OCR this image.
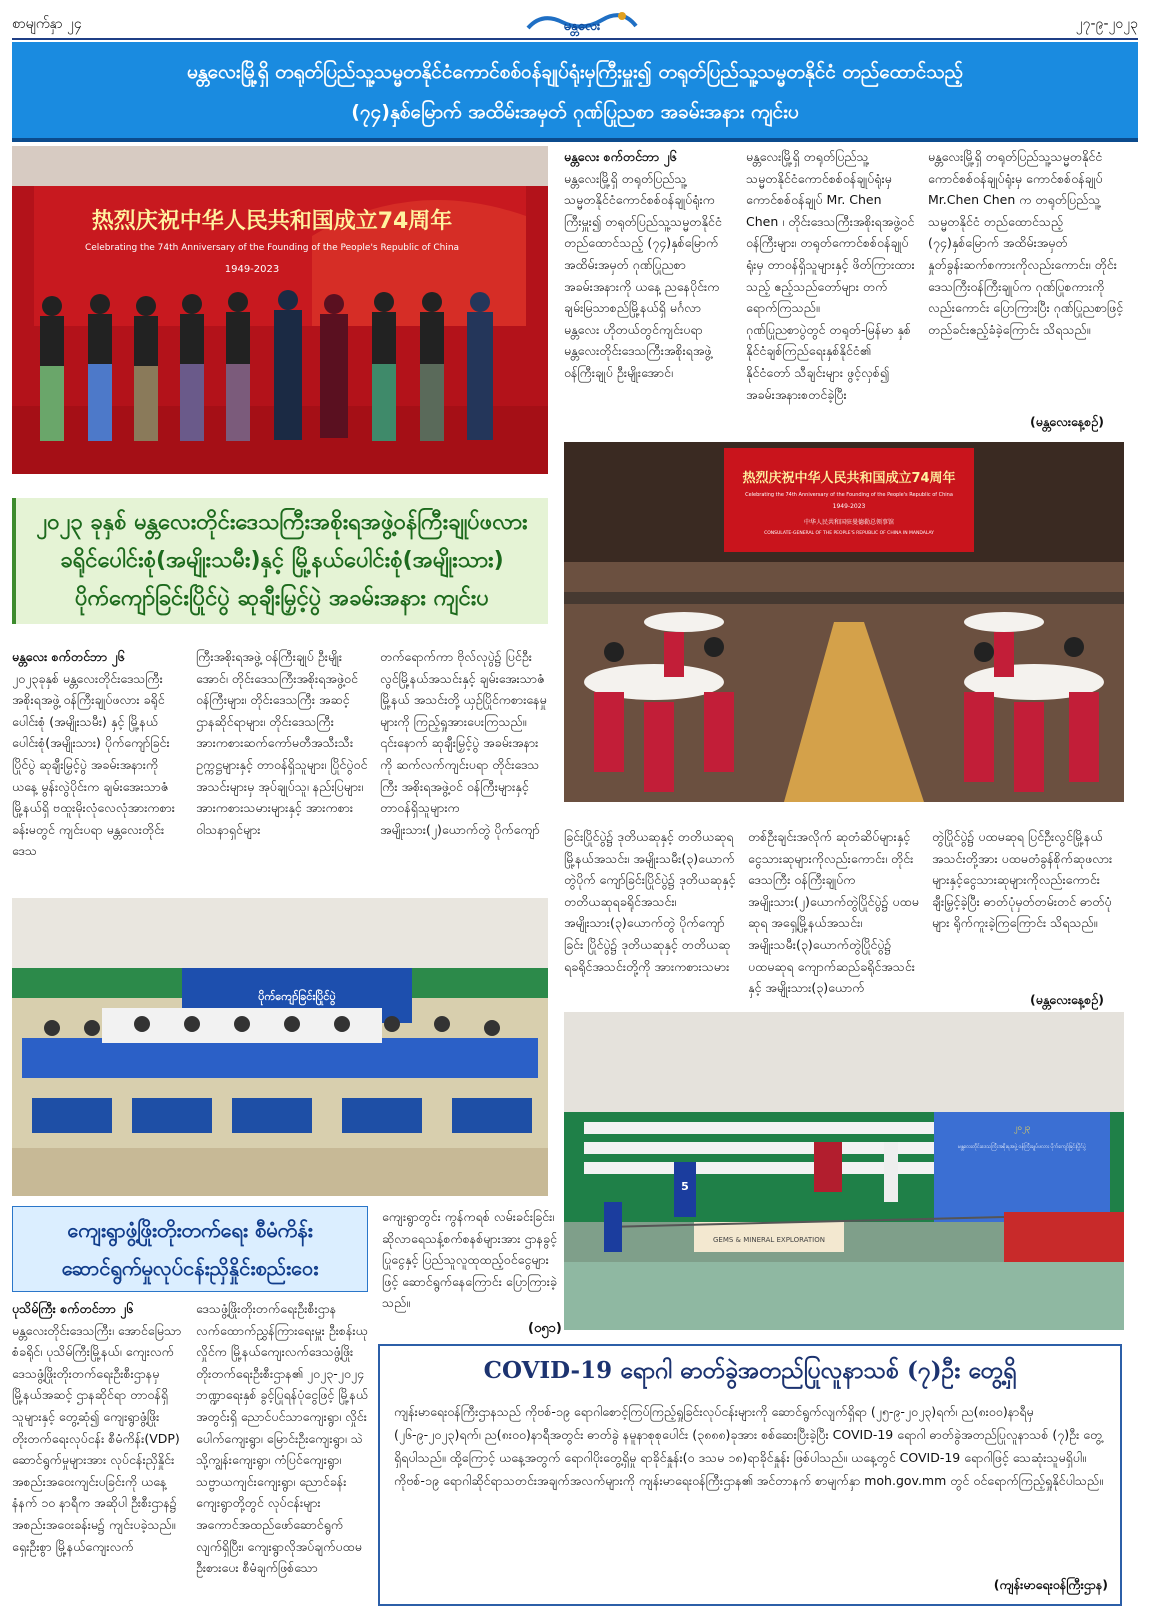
စာမျက်နှာ ၂၄	မန္တလေး	၂၇-၉-၂၀၂၃
မန္တလေးမြို့ရှိ တရုတ်ပြည်သူ့သမ္မတနိုင်ငံကောင်စစ်ဝန်ချုပ်ရုံးမှကြီးမှူး၍ တရုတ်ပြည်သူ့သမ္မတနိုင်ငံ တည်ထောင်သည့်
(၇၄)နှစ်မြောက် အထိမ်းအမှတ် ဂုဏ်ပြုညစာ အခမ်းအနား ကျင်းပ
热烈庆祝中华人民共和国成立74周年
Celebrating the 74th Anniversary of the Founding of the People's Republic of China
1949-2023
မန္တလေး စက်တင်ဘာ ၂၆
မန္တလေးမြို့ရှိ တရုတ်ပြည်သူ့သမ္မတနိုင်ငံကောင်စစ်ဝန်ချုပ်ရုံးက ကြီးမှူး၍ တရုတ်ပြည်သူ့သမ္မတနိုင်ငံ တည်ထောင်သည့် (၇၄)နှစ်မြောက် အထိမ်းအမှတ် ဂုဏ်ပြုညစာ အခမ်းအနားကို ယနေ့ ညနေပိုင်းက ချမ်းမြသာစည်မြို့နယ်ရှိ မင်္ဂလာ မန္တလေး ဟိုတယ်တွင်ကျင်းပရာ မန္တလေးတိုင်းဒေသကြီးအစိုးရအဖွဲ့ ဝန်ကြီးချုပ် ဦးမျိုးအောင်၊
မန္တလေးမြို့ရှိ တရုတ်ပြည်သူ့သမ္မတနိုင်ငံကောင်စစ်ဝန်ချုပ်ရုံးမှ ကောင်စစ်ဝန်ချုပ် Mr. Chen Chen ၊ တိုင်းဒေသကြီးအစိုးရအဖွဲ့ဝင်ဝန်ကြီးများ၊ တရုတ်ကောင်စစ်ဝန်ချုပ်ရုံးမှ တာဝန်ရှိသူများနှင့် ဖိတ်ကြားထားသည့် ဧည့်သည်တော်များ တက်ရောက်ကြသည်။
ဂုဏ်ပြုညစာပွဲတွင် တရုတ်-မြန်မာ နှစ်နိုင်ငံချစ်ကြည်ရေးနှစ်နိုင်ငံ၏ နိုင်ငံတော် သီချင်းများ ဖွင့်လှစ်၍ အခမ်းအနားစတင်ခဲ့ပြီး
မန္တလေးမြို့ရှိ တရုတ်ပြည်သူ့သမ္မတနိုင်ငံကောင်စစ်ဝန်ချုပ်ရုံးမှ ကောင်စစ်ဝန်ချုပ် Mr.Chen Chen က တရုတ်ပြည်သူ့သမ္မတနိုင်ငံ တည်ထောင်သည့် (၇၄)နှစ်မြောက် အထိမ်းအမှတ် နှုတ်ခွန်းဆက်စကားကိုလည်းကောင်း၊ တိုင်းဒေသကြီးဝန်ကြီးချုပ်က ဂုဏ်ပြုစကားကိုလည်းကောင်း ပြောကြားပြီး ဂုဏ်ပြုညစာဖြင့် တည်ခင်းဧည့်ခံခဲ့ကြောင်း သိရသည်။
(မန္တလေးနေ့စဉ်)
热烈庆祝中华人民共和国成立74周年
Celebrating the 74th Anniversary of the Founding of the People's Republic of China
1949-2023
中华人民共和国驻曼德勒总领事馆
CONSULATE-GENERAL OF THE PEOPLE'S REPUBLIC OF CHINA IN MANDALAY
၂၀၂၃ ခုနှစ် မန္တလေးတိုင်းဒေသကြီးအစိုးရအဖွဲ့ဝန်ကြီးချုပ်ဖလား
ခရိုင်ပေါင်းစုံ(အမျိုးသမီး)နှင့် မြို့နယ်ပေါင်းစုံ(အမျိုးသား)
ပိုက်ကျော်ခြင်းပြိုင်ပွဲ ဆုချီးမြှင့်ပွဲ အခမ်းအနား ကျင်းပ
မန္တလေး စက်တင်ဘာ ၂၆
၂၀၂၃ခုနှစ် မန္တလေးတိုင်းဒေသကြီးအစိုးရအဖွဲ့ ဝန်ကြီးချုပ်ဖလား ခရိုင်ပေါင်းစုံ (အမျိုးသမီး) နှင့် မြို့နယ်ပေါင်းစုံ(အမျိုးသား) ပိုက်ကျော်ခြင်းပြိုင်ပွဲ ဆုချီးမြှင့်ပွဲ အခမ်းအနားကို ယနေ့ မွန်းလွဲပိုင်းက ချမ်းအေးသာဇံမြို့နယ်ရှိ ဗထူးမိုးလုံလေလုံအားကစားခန်းမတွင် ကျင်းပရာ မန္တလေးတိုင်းဒေသ
ကြီးအစိုးရအဖွဲ့ ဝန်ကြီးချုပ် ဦးမျိုးအောင်၊ တိုင်းဒေသကြီးအစိုးရအဖွဲ့ဝင် ဝန်ကြီးများ၊ တိုင်းဒေသကြီး အဆင့် ဌာနဆိုင်ရာများ၊ တိုင်းဒေသကြီး အားကစားဆက်ကော်မတီအသီးသီး ဥက္ကဋ္ဌများနှင့် တာဝန်ရှိသူများ၊ ပြိုင်ပွဲဝင်အသင်းများမှ အုပ်ချုပ်သူ၊ နည်းပြများ၊ အားကစားသမားများနှင့် အားကစားဝါသနာရှင်များ
တက်ရောက်ကာ ဗိုလ်လုပွဲ၌ ပြင်ဦးလွင်မြို့နယ်အသင်းနှင့် ချမ်းအေးသာဇံမြို့နယ် အသင်းတို့ ယှဉ်ပြိုင်ကစားနေမှုများကို ကြည့်ရှုအားပေးကြသည်။
၎င်းနောက် ဆုချီးမြှင့်ပွဲ အခမ်းအနားကို ဆက်လက်ကျင်းပရာ တိုင်းဒေသကြီး အစိုးရအဖွဲ့ဝင် ဝန်ကြီးများနှင့် တာဝန်ရှိသူများက အမျိုးသား(၂)ယောက်တွဲ ပိုက်ကျော်	ခြင်းပြိုင်ပွဲ၌ ဒုတိယဆုနှင့် တတိယဆုရမြို့နယ်အသင်း၊ အမျိုးသမီး(၃)ယောက်တွဲပိုက် ကျော်ခြင်းပြိုင်ပွဲ၌ ဒုတိယဆုနှင့် တတိယဆုရခရိုင်အသင်း၊ အမျိုးသား(၃)ယောက်တွဲ ပိုက်ကျော်ခြင်း ပြိုင်ပွဲ၌ ဒုတိယဆုနှင့် တတိယဆုရခရိုင်အသင်းတို့ကို အားကစားသမား
တစ်ဦးချင်းအလိုက် ဆုတံဆိပ်များနှင့်ငွေသားဆုများကိုလည်းကောင်း၊ တိုင်းဒေသကြီး ဝန်ကြီးချုပ်က အမျိုးသား(၂)ယောက်တွဲပြိုင်ပွဲ၌ ပထမဆုရ အရှေ့မြို့နယ်အသင်း၊ အမျိုးသမီး(၃)ယောက်တွဲပြိုင်ပွဲ၌ ပထမဆုရ ကျောက်ဆည်ခရိုင်အသင်းနှင့် အမျိုးသား(၃)ယောက်
တွဲပြိုင်ပွဲ၌ ပထမဆုရ ပြင်ဦးလွင်မြို့နယ်အသင်းတို့အား ပထမတံခွန်စိုက်ဆုဖလားများနှင့်ငွေသားဆုများကိုလည်းကောင်း ချီးမြှင့်ခဲ့ပြီး ဓာတ်ပုံမှတ်တမ်းတင် ဓာတ်ပုံများ ရိုက်ကူးခဲ့ကြကြောင်း သိရသည်။
(မန္တလေးနေ့စဉ်)
ပိုက်ကျော်ခြင်းပြိုင်ပွဲ
၂၀၂၃
မန္တလေးတိုင်းဒေသကြီးအစိုးရအဖွဲ့ ဝန်ကြီးချုပ်ဖလား ပိုက်ကျော်ခြင်းပြိုင်ပွဲ
GEMS & MINERAL EXPLORATION
5
ကျေးရွာဖွံ့ဖြိုးတိုးတက်ရေး စီမံကိန်း
ဆောင်ရွက်မှုလုပ်ငန်းညှိနှိုင်းစည်းဝေး
ပုသိမ်ကြီး စက်တင်ဘာ ၂၆
မန္တလေးတိုင်းဒေသကြီး၊ အောင်မြေသာစံခရိုင်၊ ပုသိမ်ကြီးမြို့နယ်၊ ကျေးလက်ဒေသဖွံ့ဖြိုးတိုးတက်ရေးဦးစီးဌာနမှ မြို့နယ်အဆင့် ဌာနဆိုင်ရာ တာဝန်ရှိသူများနှင့် တွေ့ဆုံ၍ ကျေးရွာဖွံ့ဖြိုးတိုးတက်ရေးလုပ်ငန်း စီမံကိန်း(VDP) ဆောင်ရွက်မှုများအား လုပ်ငန်းညှိနှိုင်းအစည်းအဝေးကျင်းပခြင်းကို ယနေ့ နံနက် ၁၀ နာရီက အဆိုပါ ဦးစီးဌာန၌ အစည်းအဝေးခန်းမ၌ ကျင်းပခဲ့သည်။
ရှေးဦးစွာ မြို့နယ်ကျေးလက်
ဒေသဖွံ့ဖြိုးတိုးတက်ရေးဦးစီးဌာနလက်ထောက်ညွှန်ကြားရေးမှူး ဦးစန်းယုလှိုင်က မြို့နယ်ကျေးလက်ဒေသဖွံ့ဖြိုးတိုးတက်ရေးဦးစီးဌာန၏ ၂၀၂၃-၂၀၂၄ ဘဏ္ဍာရေးနှစ် ခွင့်ပြုရန်ပုံငွေဖြင့် မြို့နယ်အတွင်းရှိ ညောင်ပင်သာကျေးရွာ၊ လှိုင်းပေါက်ကျေးရွာ၊ မြောင်းဦးကျေးရွာ၊ သဲသို့ကျွန်းကျေးရွာ၊ ကံပြင်ကျေးရွာ၊ သဗ္ဗာယကျင်းကျေးရွာ၊ ညောင်ခန်းကျေးရွာတို့တွင် လုပ်ငန်းများ အကောင်အထည်ဖော်ဆောင်ရွက်လျက်ရှိပြီး၊ ကျေးရွာလိုအပ်ချက်ပထမဦးစားပေး စီမံချက်ဖြစ်သော
ကျေးရွာတွင်း ကွန်ကရစ် လမ်းခင်းခြင်း၊ ဆိုလာရေသန့်စက်စနစ်များအား ဌာနခွင့်ပြုငွေနှင့် ပြည်သူလူထုထည့်ဝင်ငွေများဖြင့် ဆောင်ရွက်နေကြောင်း ပြောကြားခဲ့သည်။
(ဝ၅၁)
COVID-19 ရောဂါ ဓာတ်ခွဲအတည်ပြုလူနာသစ် (၇)ဦး တွေ့ရှိ

ကျန်းမာရေးဝန်ကြီးဌာနသည် ကိုဗစ်-၁၉ ရောဂါစောင့်ကြပ်ကြည့်ရှုခြင်းလုပ်ငန်းများကို ဆောင်ရွက်လျက်ရှိရာ (၂၅-၉-၂၀၂၃)ရက်၊ ည(၈း၀၀)နာရီမှ (၂၆-၉-၂၀၂၃)ရက်၊ ည(၈း၀၀)နာရီအတွင်း ဓာတ်ခွဲ နမူနာစုစုပေါင်း (၃၈၈၈)ခုအား စစ်ဆေးပြီးခဲ့ပြီး COVID-19 ရောဂါ ဓာတ်ခွဲအတည်ပြုလူနာသစ် (၇)ဦး တွေ့ရှိရပါသည်။ ထို့ကြောင့် ယနေ့အတွက် ရောဂါပိုးတွေ့ရှိမှု ရာခိုင်နှုန်း(၀ ဒသမ ၁၈)ရာခိုင်နှုန်း ဖြစ်ပါသည်။ ယနေ့တွင် COVID-19 ရောဂါဖြင့် သေဆုံးသူမရှိပါ။

ကိုဗစ်-၁၉ ရောဂါဆိုင်ရာသတင်းအချက်အလက်များကို ကျန်းမာရေးဝန်ကြီးဌာန၏ အင်တာနက် စာမျက်နှာ moh.gov.mm တွင် ဝင်ရောက်ကြည့်ရှုနိုင်ပါသည်။

(ကျန်းမာရေးဝန်ကြီးဌာန)
